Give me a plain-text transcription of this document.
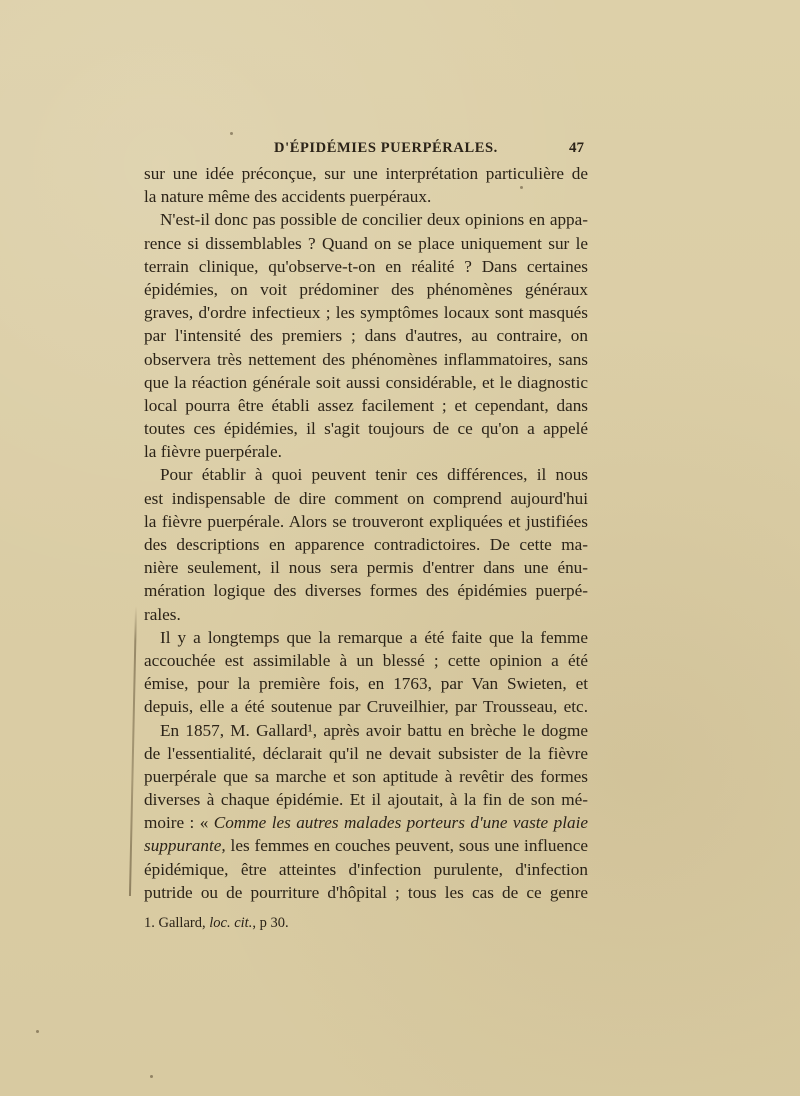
D'ÉPIDÉMIES PUERPÉRALES.	47
sur une idée préconçue, sur une interprétation particulière de
la nature même des accidents puerpéraux.
N'est-il donc pas possible de concilier deux opinions en appa-
rence si dissemblables ? Quand on se place uniquement sur le
terrain clinique, qu'observe-t-on en réalité ? Dans certaines
épidémies, on voit prédominer des phénomènes généraux
graves, d'ordre infectieux ; les symptômes locaux sont masqués
par l'intensité des premiers ; dans d'autres, au contraire, on
observera très nettement des phénomènes inflammatoires, sans
que la réaction générale soit aussi considérable, et le diagnostic
local pourra être établi assez facilement ; et cependant, dans
toutes ces épidémies, il s'agit toujours de ce qu'on a appelé
la fièvre puerpérale.
Pour établir à quoi peuvent tenir ces différences, il nous
est indispensable de dire comment on comprend aujourd'hui
la fièvre puerpérale. Alors se trouveront expliquées et justifiées
des descriptions en apparence contradictoires. De cette ma-
nière seulement, il nous sera permis d'entrer dans une énu-
mération logique des diverses formes des épidémies puerpé-
rales.
Il y a longtemps que la remarque a été faite que la femme
accouchée est assimilable à un blessé ; cette opinion a été
émise, pour la première fois, en 1763, par Van Swieten, et
depuis, elle a été soutenue par Cruveilhier, par Trousseau, etc.
En 1857, M. Gallard¹, après avoir battu en brèche le dogme
de l'essentialité, déclarait qu'il ne devait subsister de la fièvre
puerpérale que sa marche et son aptitude à revêtir des formes
diverses à chaque épidémie. Et il ajoutait, à la fin de son mé-
moire : « Comme les autres malades porteurs d'une vaste plaie
suppurante, les femmes en couches peuvent, sous une influence
épidémique, être atteintes d'infection purulente, d'infection
putride ou de pourriture d'hôpital ; tous les cas de ce genre
1. Gallard, loc. cit., p 30.
